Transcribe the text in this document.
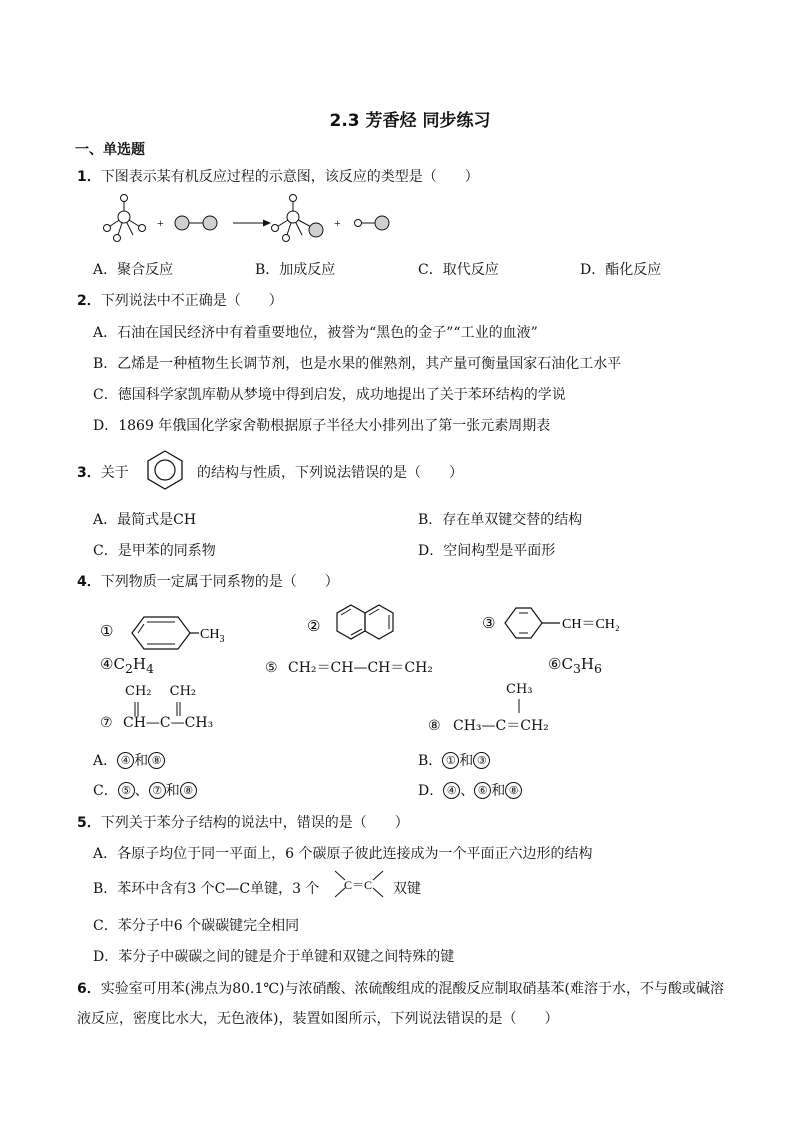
2.3 芳香烃 同步练习
一、单选题
1．下图表示某有机反应过程的示意图，该反应的类型是（　　）
+	+
A．聚合反应	B．加成反应	C．取代反应	D．酯化反应
2．下列说法中不正确是（　　）
A．石油在国民经济中有着重要地位，被誉为“黑色的金子”“工业的血液”
B．乙烯是一种植物生长调节剂，也是水果的催熟剂，其产量可衡量国家石油化工水平
C．德国科学家凯库勒从梦境中得到启发，成功地提出了关于苯环结构的学说
D．1869 年俄国化学家舍勒根据原子半径大小排列出了第一张元素周期表
3．关于	的结构与性质，下列说法错误的是（　　）
A．最简式是CH	B．存在单双键交替的结构
C．是甲苯的同系物	D．空间构型是平面形
4．下列物质一定属于同系物的是（　　）
①	$CH_3$
②	③	CH＝CH₂
$④C_2H_4$	⑤ CH₂＝CH—CH＝CH₂	$⑥C_3H_6$
CH₂ CH₂
⑦ CH—C—CH₃
CH₃
⑧ CH₃—C＝CH₂
A． ④ 和 ⑧	B． ① 和 ③
C． ⑤ 、 ⑦ 和 ⑧	D． ④ 、 ⑥ 和 ⑧
5．下列关于苯分子结构的说法中，错误的是（　　）
A．各原子均位于同一平面上，6 个碳原子彼此连接成为一个平面正六边形的结构
B．苯环中含有3 个C—C单键，3 个 C＝C 双键
C．苯分子中6 个碳碳键完全相同
D．苯分子中碳碳之间的键是介于单键和双键之间特殊的键
6．实验室可用苯(沸点为80.1℃)与浓硝酸、浓硫酸组成的混酸反应制取硝基苯(难溶于水，不与酸或碱溶
液反应，密度比水大，无色液体)，装置如图所示，下列说法错误的是（　　）
